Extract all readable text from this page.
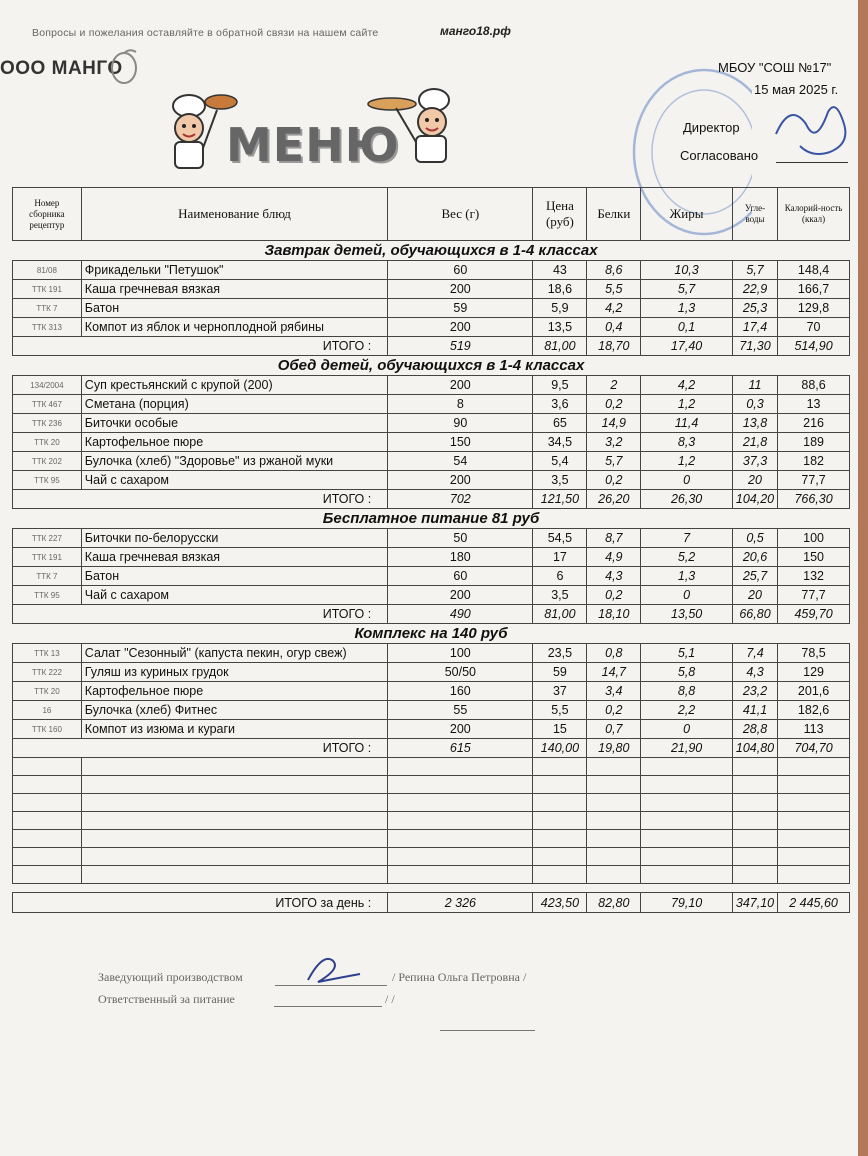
Вопросы и пожелания оставляйте в обратной связи на нашем сайте	манго18.рф
ООО МАНГО
МЕНЮ
МБОУ "СОШ №17"
15 мая 2025 г.
Директор
Согласовано
Номер сборника рецептур	Наименование блюд	Вес (г)	Цена (руб)	Белки	Жиры	Угле-воды	Калорий-ность (ккал)
Завтрак детей, обучающихся в 1-4 классах							
81/08	Фрикадельки "Петушок"	60	43	8,6	10,3	5,7	148,4
ТТК 191	Каша гречневая вязкая	200	18,6	5,5	5,7	22,9	166,7
ТТК 7	Батон	59	5,9	4,2	1,3	25,3	129,8
ТТК 313	Компот из яблок и черноплодной рябины	200	13,5	0,4	0,1	17,4	70
ИТОГО :		519	81,00	18,70	17,40	71,30	514,90
Обед детей, обучающихся в 1-4 классах							
134/2004	Суп крестьянский с крупой (200)	200	9,5	2	4,2	11	88,6
ТТК 467	Сметана (порция)	8	3,6	0,2	1,2	0,3	13
ТТК 236	Биточки особые	90	65	14,9	11,4	13,8	216
ТТК 20	Картофельное пюре	150	34,5	3,2	8,3	21,8	189
ТТК 202	Булочка (хлеб) "Здоровье" из ржаной муки	54	5,4	5,7	1,2	37,3	182
ТТК 95	Чай с сахаром	200	3,5	0,2	0	20	77,7
ИТОГО :		702	121,50	26,20	26,30	104,20	766,30
Бесплатное питание 81 руб							
ТТК 227	Биточки по-белорусски	50	54,5	8,7	7	0,5	100
ТТК 191	Каша гречневая вязкая	180	17	4,9	5,2	20,6	150
ТТК 7	Батон	60	6	4,3	1,3	25,7	132
ТТК 95	Чай с сахаром	200	3,5	0,2	0	20	77,7
ИТОГО :		490	81,00	18,10	13,50	66,80	459,70
Комплекс на 140 руб							
ТТК 13	Салат "Сезонный" (капуста пекин, огур свеж)	100	23,5	0,8	5,1	7,4	78,5
ТТК 222	Гуляш из куриных грудок	50/50	59	14,7	5,8	4,3	129
ТТК 20	Картофельное пюре	160	37	3,4	8,8	23,2	201,6
16	Булочка (хлеб) Фитнес	55	5,5	0,2	2,2	41,1	182,6
ТТК 160	Компот из изюма и кураги	200	15	0,7	0	28,8	113
ИТОГО :		615	140,00	19,80	21,90	104,80	704,70

ИТОГО за день :		2 326	423,50	82,80	79,10	347,10	2 445,60
Заведующий производством	/ Репина Ольга Петровна /
Ответственный за питание	/ /
